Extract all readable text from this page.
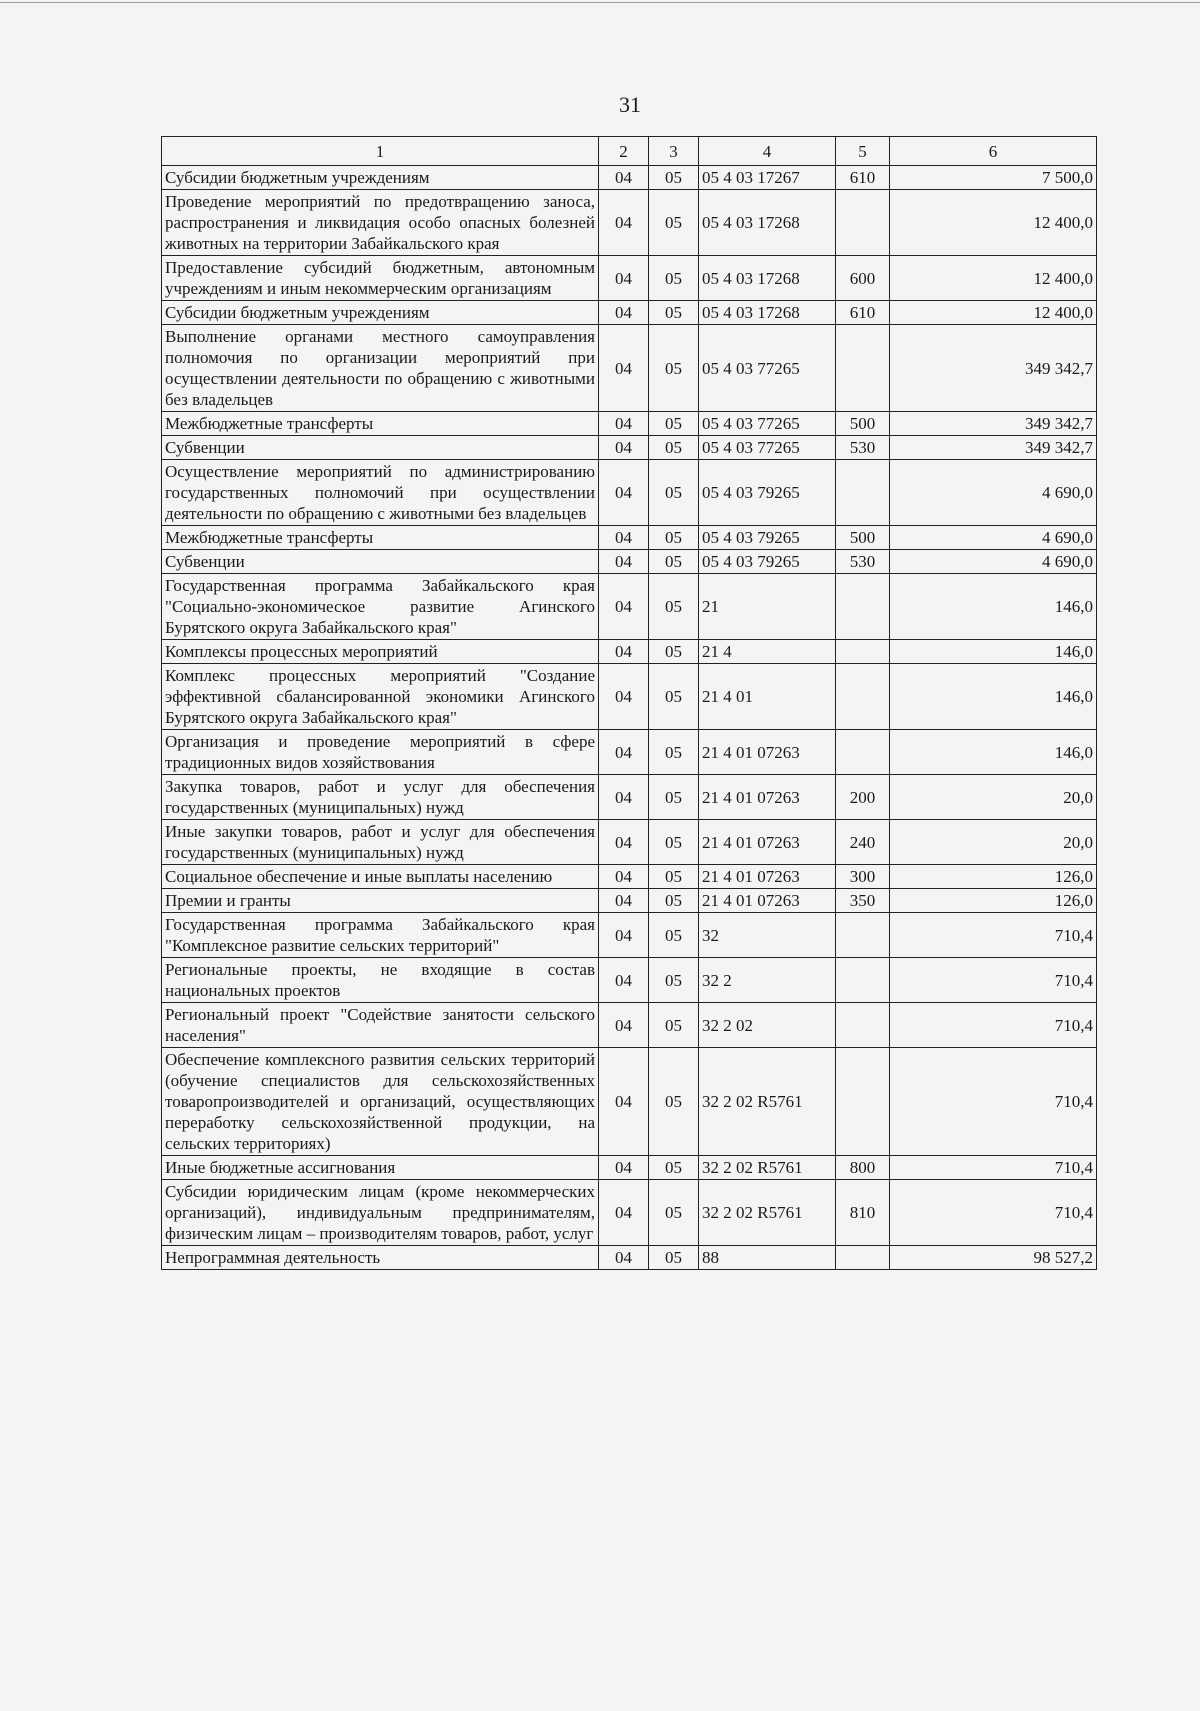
31
1	2	3	4	5	6
Субсидии бюджетным учреждениям	04	05	05 4 03 17267	610	7 500,0
Проведение мероприятий по предотвращению заноса, распространения и ликвидация особо опасных болезней животных на территории Забайкальского края	04	05	05 4 03 17268		12 400,0
Предоставление субсидий бюджетным, автономным учреждениям и иным некоммерческим организациям	04	05	05 4 03 17268	600	12 400,0
Субсидии бюджетным учреждениям	04	05	05 4 03 17268	610	12 400,0
Выполнение органами местного самоуправления полномочия по организации мероприятий при осуществлении деятельности по обращению с животными без владельцев	04	05	05 4 03 77265		349 342,7
Межбюджетные трансферты	04	05	05 4 03 77265	500	349 342,7
Субвенции	04	05	05 4 03 77265	530	349 342,7
Осуществление мероприятий по администрированию государственных полномочий при осуществлении деятельности по обращению с животными без владельцев	04	05	05 4 03 79265		4 690,0
Межбюджетные трансферты	04	05	05 4 03 79265	500	4 690,0
Субвенции	04	05	05 4 03 79265	530	4 690,0
Государственная программа Забайкальского края "Социально-экономическое развитие Агинского Бурятского округа Забайкальского края"	04	05	21		146,0
Комплексы процессных мероприятий	04	05	21 4		146,0
Комплекс процессных мероприятий "Создание эффективной сбалансированной экономики Агинского Бурятского округа Забайкальского края"	04	05	21 4 01		146,0
Организация и проведение мероприятий в сфере традиционных видов хозяйствования	04	05	21 4 01 07263		146,0
Закупка товаров, работ и услуг для обеспечения государственных (муниципальных) нужд	04	05	21 4 01 07263	200	20,0
Иные закупки товаров, работ и услуг для обеспечения государственных (муниципальных) нужд	04	05	21 4 01 07263	240	20,0
Социальное обеспечение и иные выплаты населению	04	05	21 4 01 07263	300	126,0
Премии и гранты	04	05	21 4 01 07263	350	126,0
Государственная программа Забайкальского края "Комплексное развитие сельских территорий"	04	05	32		710,4
Региональные проекты, не входящие в состав национальных проектов	04	05	32 2		710,4
Региональный проект "Содействие занятости сельского населения"	04	05	32 2 02		710,4
Обеспечение комплексного развития сельских территорий (обучение специалистов для сельскохозяйственных товаропроизводителей и организаций, осуществляющих переработку сельскохозяйственной продукции, на сельских территориях)	04	05	32 2 02 R5761		710,4
Иные бюджетные ассигнования	04	05	32 2 02 R5761	800	710,4
Субсидии юридическим лицам (кроме некоммерческих организаций), индивидуальным предпринимателям, физическим лицам – производителям товаров, работ, услуг	04	05	32 2 02 R5761	810	710,4
Непрограммная деятельность	04	05	88		98 527,2
